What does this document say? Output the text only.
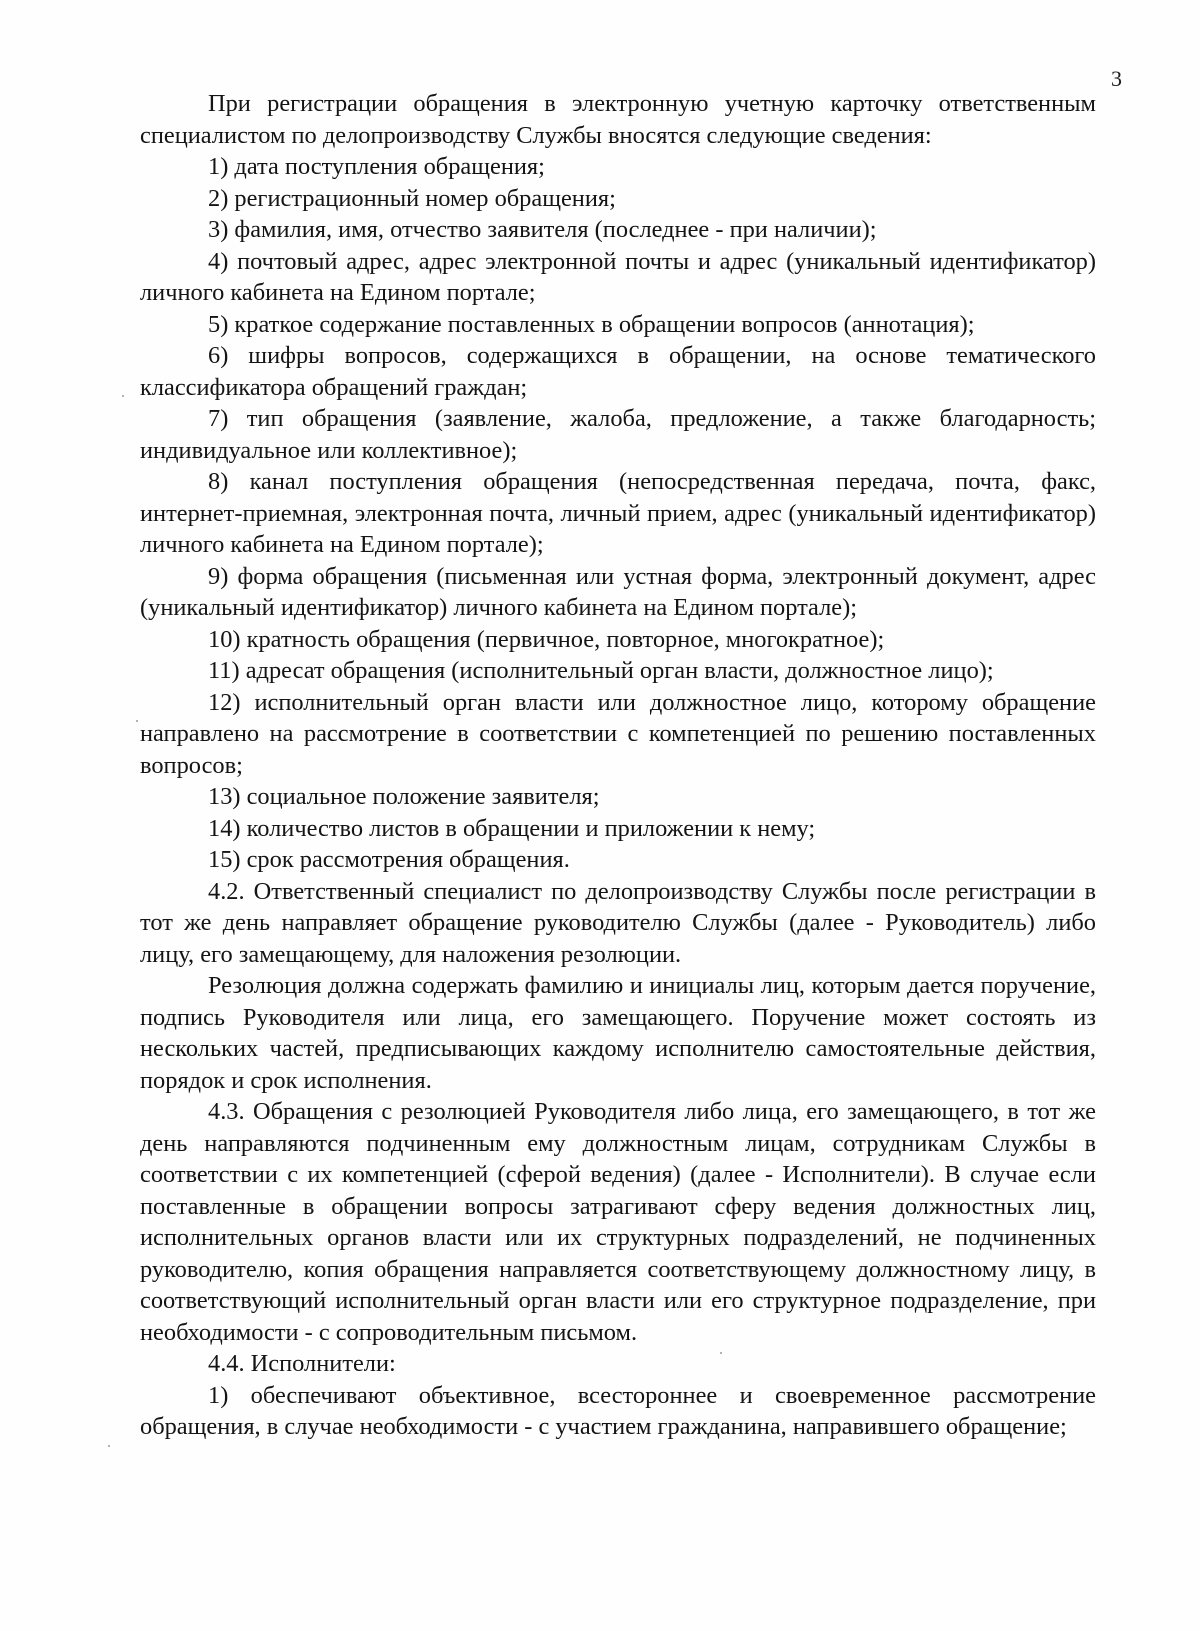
3

При регистрации обращения в электронную учетную карточку ответственным специалистом по делопроизводству Службы вносятся следующие сведения:

1) дата поступления обращения;

2) регистрационный номер обращения;

3) фамилия, имя, отчество заявителя (последнее - при наличии);

4) почтовый адрес, адрес электронной почты и адрес (уникальный идентификатор) личного кабинета на Едином портале;

5) краткое содержание поставленных в обращении вопросов (аннотация);

6) шифры вопросов, содержащихся в обращении, на основе тематического классификатора обращений граждан;

7) тип обращения (заявление, жалоба, предложение, а также благодарность; индивидуальное или коллективное);

8) канал поступления обращения (непосредственная передача, почта, факс, интернет-приемная, электронная почта, личный прием, адрес (уникальный идентификатор) личного кабинета на Едином портале);

9) форма обращения (письменная или устная форма, электронный документ, адрес (уникальный идентификатор) личного кабинета на Едином портале);

10) кратность обращения (первичное, повторное, многократное);

11) адресат обращения (исполнительный орган власти, должностное лицо);

12) исполнительный орган власти или должностное лицо, которому обращение направлено на рассмотрение в соответствии с компетенцией по решению поставленных вопросов;

13) социальное положение заявителя;

14) количество листов в обращении и приложении к нему;

15) срок рассмотрения обращения.

4.2. Ответственный специалист по делопроизводству Службы после регистрации в тот же день направляет обращение руководителю Службы (далее - Руководитель) либо лицу, его замещающему, для наложения резолюции.

Резолюция должна содержать фамилию и инициалы лиц, которым дается поручение, подпись Руководителя или лица, его замещающего. Поручение может состоять из нескольких частей, предписывающих каждому исполнителю самостоятельные действия, порядок и срок исполнения.

4.3. Обращения с резолюцией Руководителя либо лица, его замещающего, в тот же день направляются подчиненным ему должностным лицам, сотрудникам Службы в соответствии с их компетенцией (сферой ведения) (далее - Исполнители). В случае если поставленные в обращении вопросы затрагивают сферу ведения должностных лиц, исполнительных органов власти или их структурных подразделений, не подчиненных руководителю, копия обращения направляется соответствующему должностному лицу, в соответствующий исполнительный орган власти или его структурное подразделение, при необходимости - с сопроводительным письмом.

4.4. Исполнители:

1) обеспечивают объективное, всестороннее и своевременное рассмотрение обращения, в случае необходимости - с участием гражданина, направившего обращение;
